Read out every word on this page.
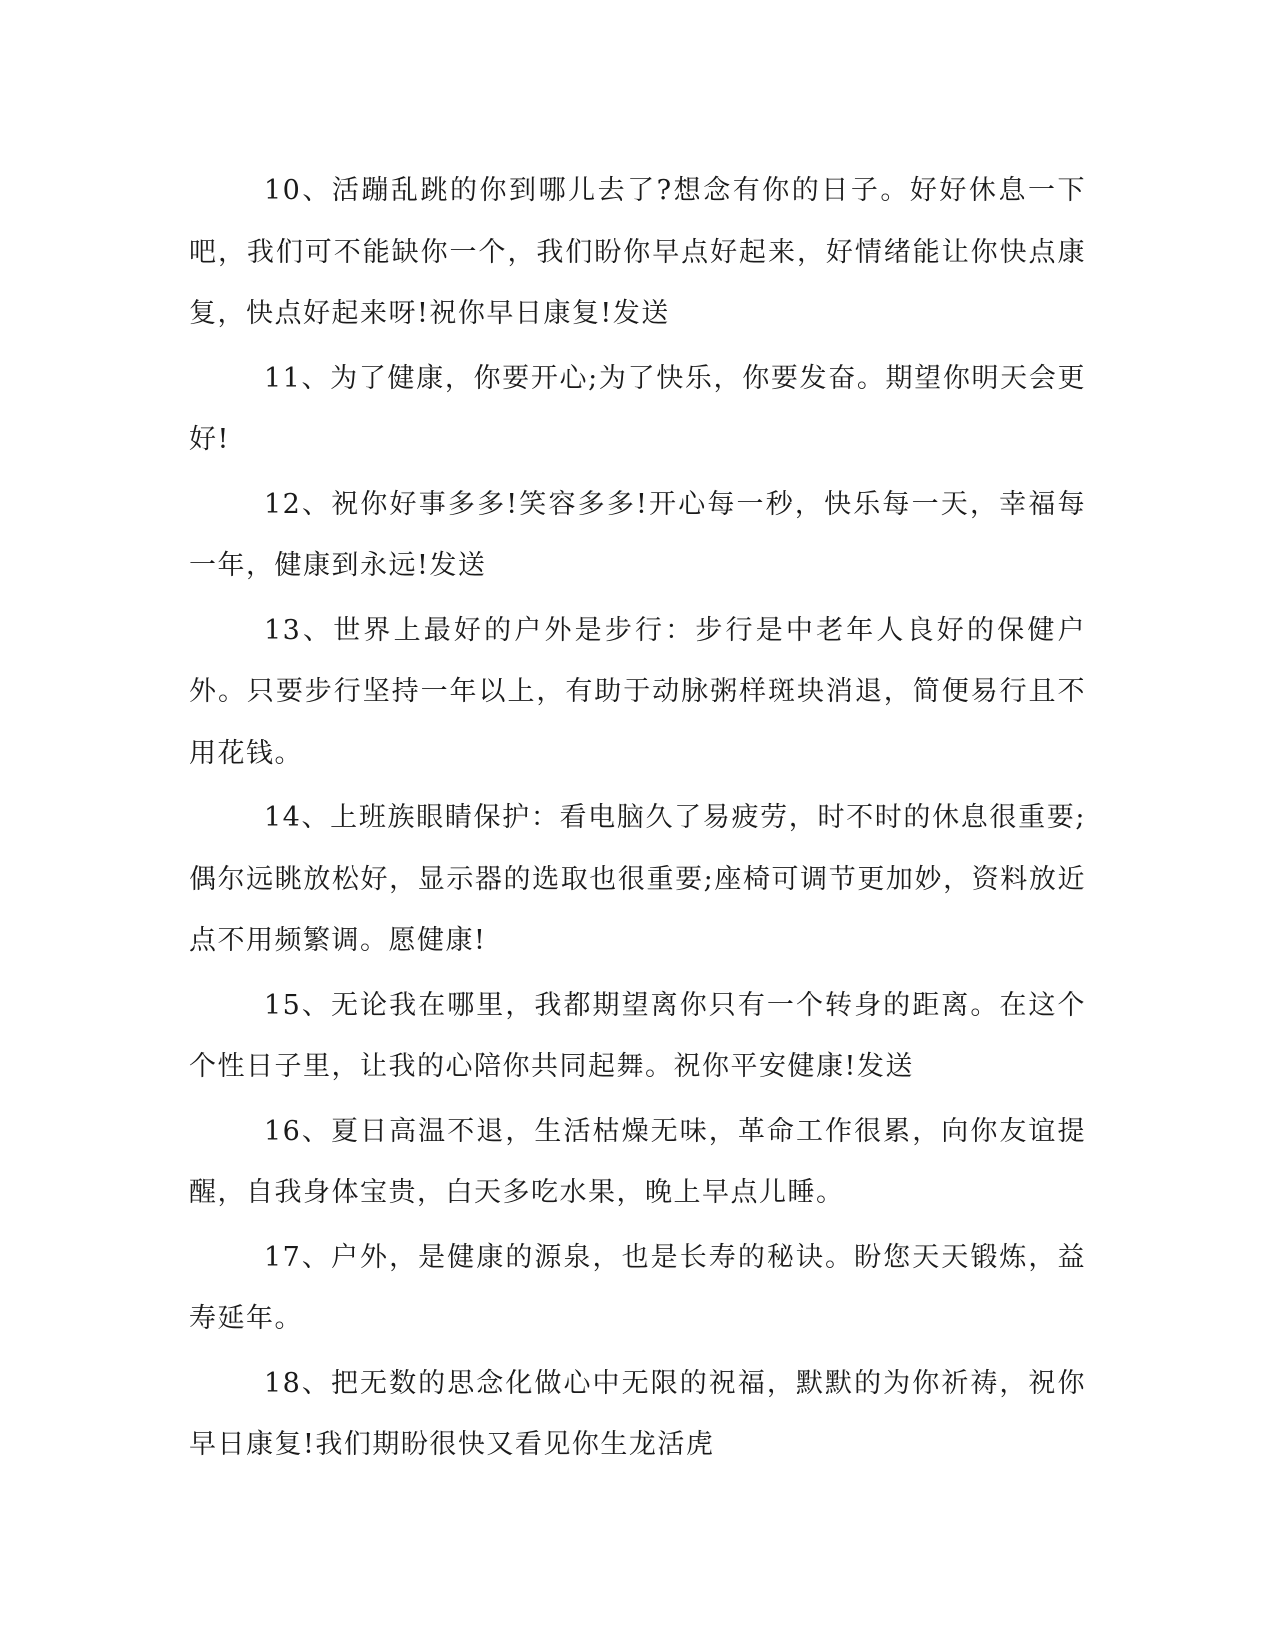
10、活蹦乱跳的你到哪儿去了?想念有你的日子。好好休息一下吧，我们可不能缺你一个，我们盼你早点好起来，好情绪能让你快点康复，快点好起来呀!祝你早日康复!发送

11、为了健康，你要开心;为了快乐，你要发奋。期望你明天会更好!

12、祝你好事多多!笑容多多!开心每一秒，快乐每一天，幸福每一年，健康到永远!发送

13、世界上最好的户外是步行：步行是中老年人良好的保健户外。只要步行坚持一年以上，有助于动脉粥样斑块消退，简便易行且不用花钱。

14、上班族眼睛保护：看电脑久了易疲劳，时不时的休息很重要;偶尔远眺放松好，显示器的选取也很重要;座椅可调节更加妙，资料放近点不用频繁调。愿健康!

15、无论我在哪里，我都期望离你只有一个转身的距离。在这个个性日子里，让我的心陪你共同起舞。祝你平安健康!发送

16、夏日高温不退，生活枯燥无味，革命工作很累，向你友谊提醒，自我身体宝贵，白天多吃水果，晚上早点儿睡。

17、户外，是健康的源泉，也是长寿的秘诀。盼您天天锻炼，益寿延年。

18、把无数的思念化做心中无限的祝福，默默的为你祈祷，祝你早日康复!我们期盼很快又看见你生龙活虎
